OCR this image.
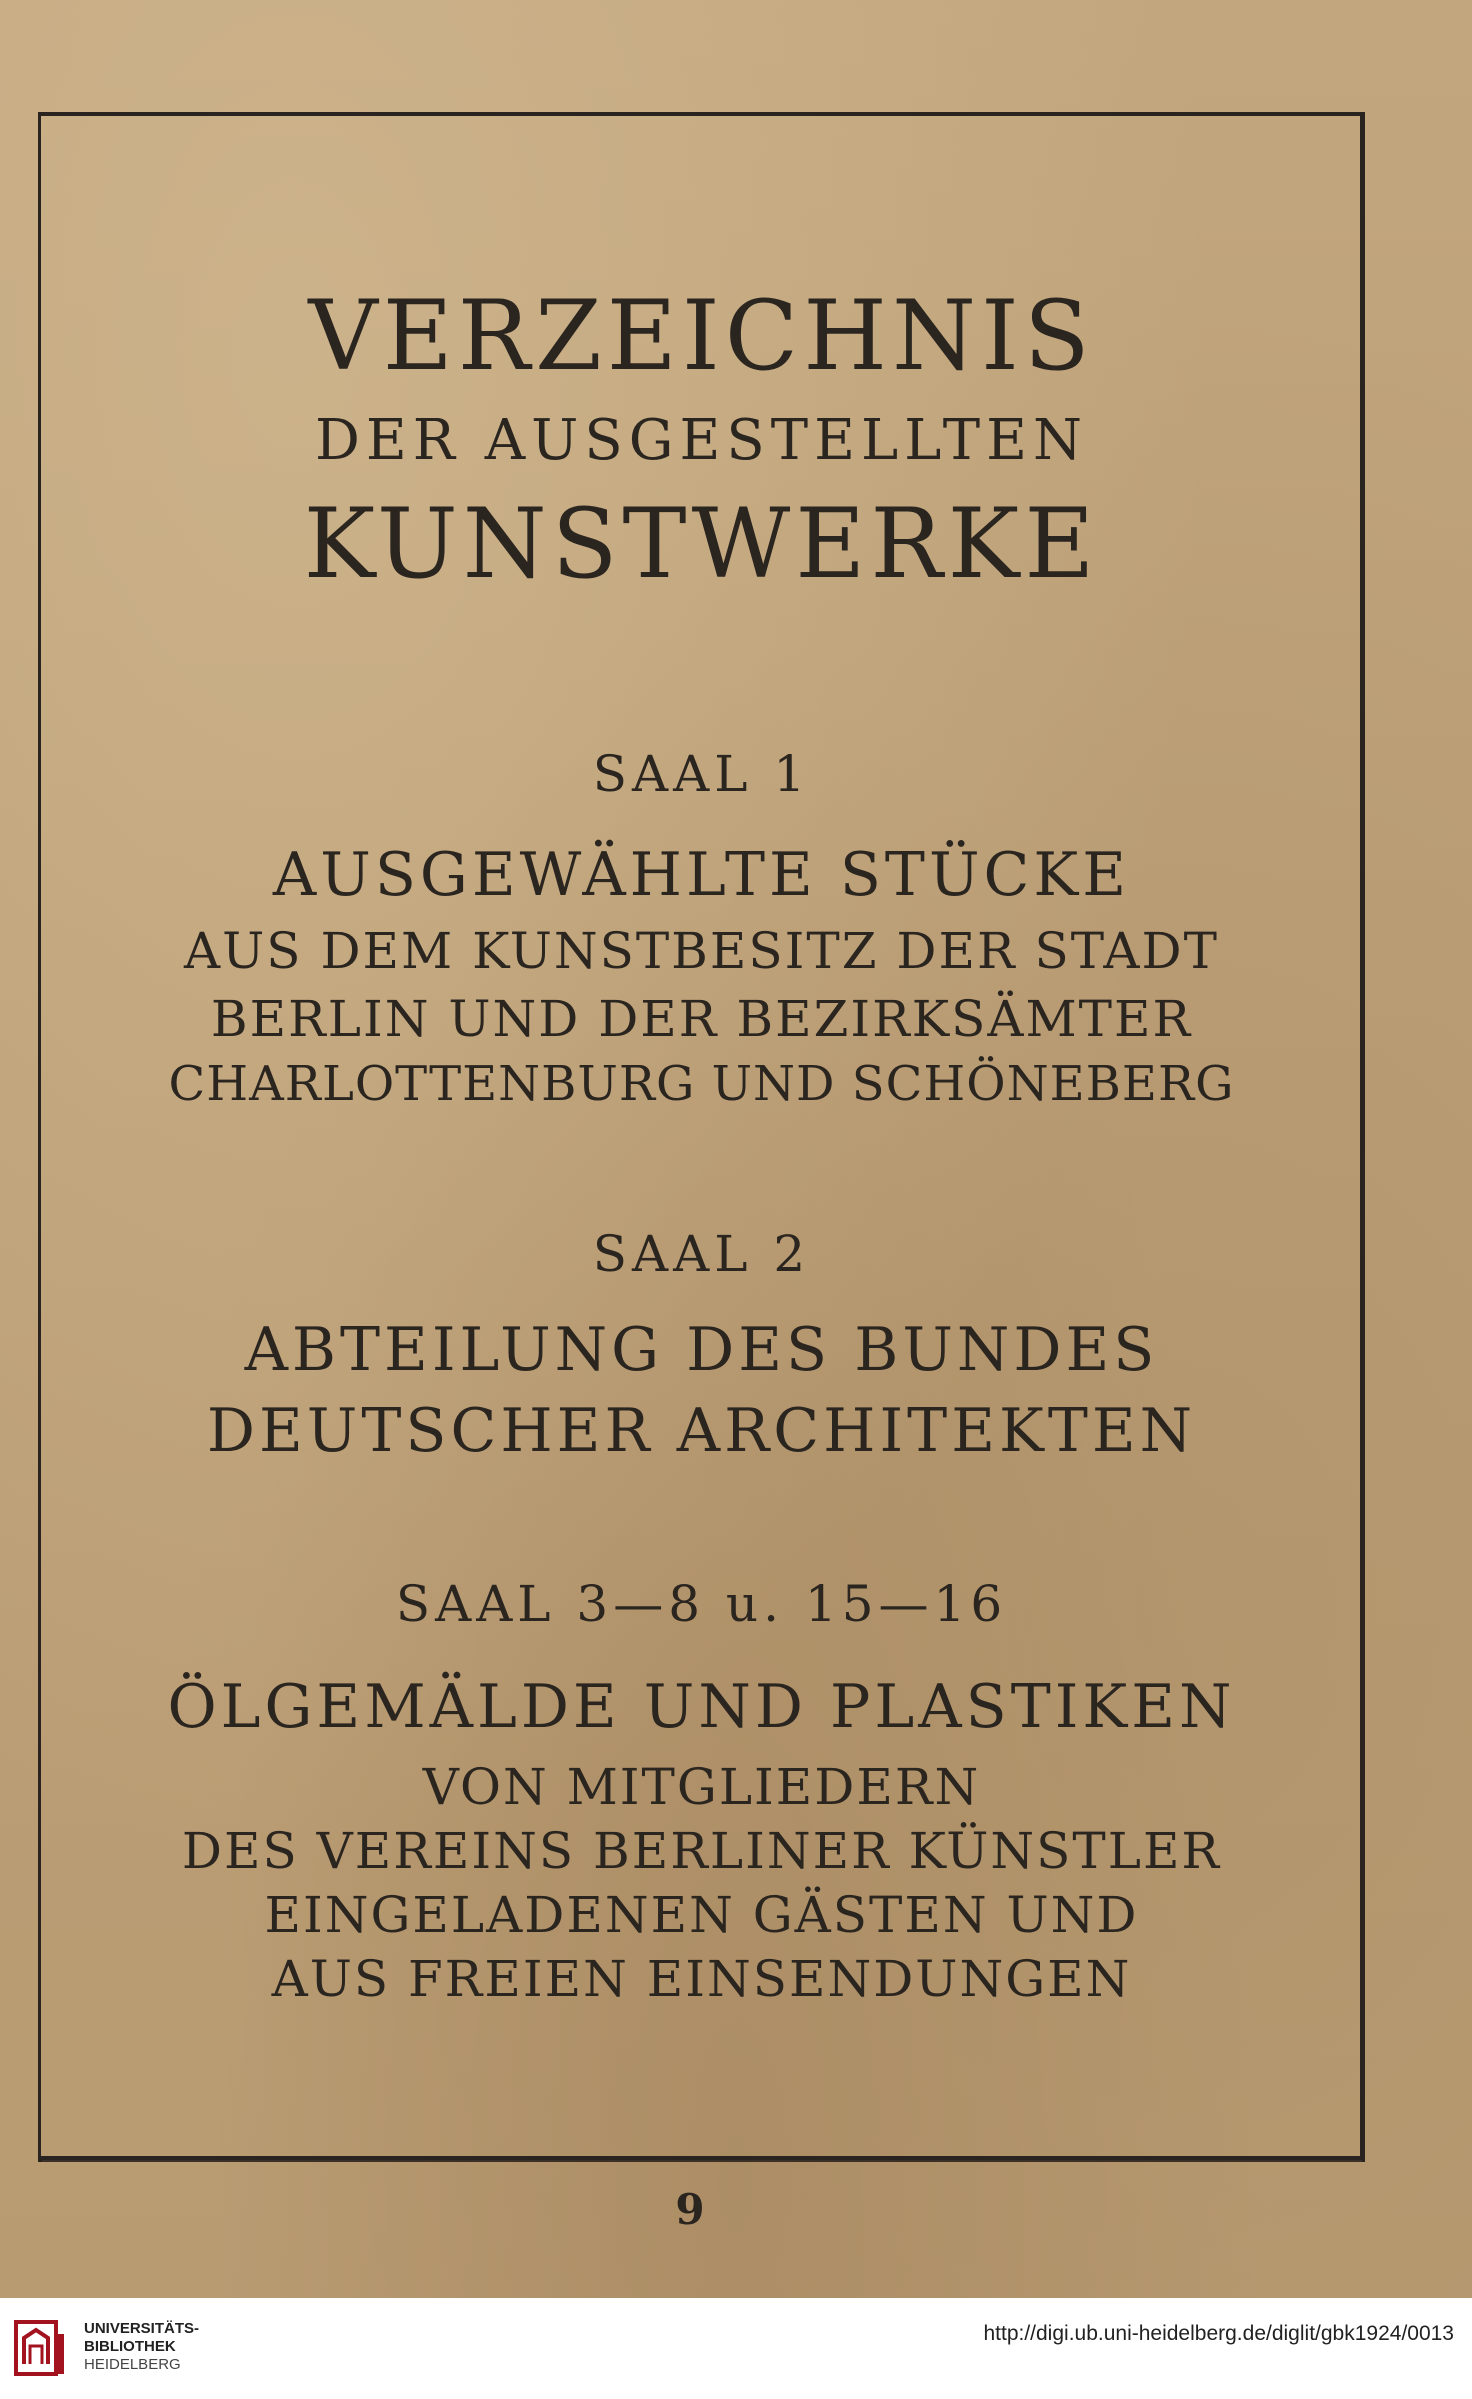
VERZEICHNIS
DER AUSGESTELLTEN
KUNSTWERKE
SAAL 1
AUSGEWÄHLTE STÜCKE
AUS DEM KUNSTBESITZ DER STADT
BERLIN UND DER BEZIRKSÄMTER
CHARLOTTENBURG UND SCHÖNEBERG
SAAL 2
ABTEILUNG DES BUNDES
DEUTSCHER ARCHITEKTEN
SAAL 3—8 u. 15—16
ÖLGEMÄLDE UND PLASTIKEN
VON MITGLIEDERN
DES VEREINS BERLINER KÜNSTLER
EINGELADENEN GÄSTEN UND
AUS FREIEN EINSENDUNGEN
9
UNIVERSITÄTS-
BIBLIOTHEK
HEIDELBERG
http://digi.ub.uni-heidelberg.de/diglit/gbk1924/0013
